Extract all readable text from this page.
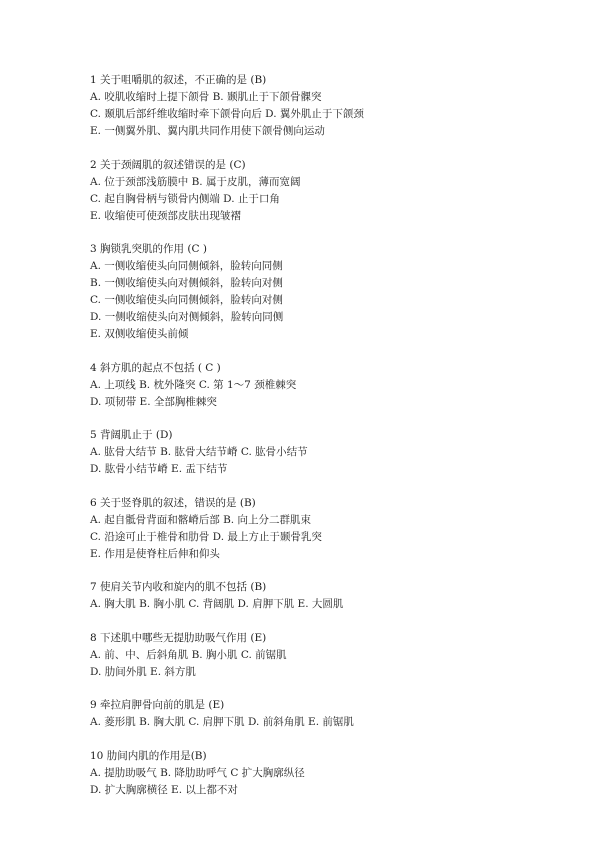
1 关于咀嚼肌的叙述，不正确的是 (B)
A. 咬肌收缩时上提下颌骨 B. 颞肌止于下颌骨髁突
C. 颞肌后部纤维收缩时牵下颌骨向后 D. 翼外肌止于下颌颈
E. 一侧翼外肌、翼内肌共同作用使下颌骨侧向运动
2 关于颈阔肌的叙述错误的是 (C)
A. 位于颈部浅筋膜中 B. 属于皮肌，薄而宽阔
C. 起自胸骨柄与锁骨内侧端 D. 止于口角
E. 收缩使可使颈部皮肤出现皱褶
3 胸锁乳突肌的作用 (C )
A. 一侧收缩使头向同侧倾斜，脸转向同侧
B. 一侧收缩使头向对侧倾斜，脸转向对侧
C. 一侧收缩使头向同侧倾斜，脸转向对侧
D. 一侧收缩使头向对侧倾斜，脸转向同侧
E. 双侧收缩使头前倾
4 斜方肌的起点不包括 ( C )
A. 上项线 B. 枕外隆突 C. 第 1～7 颈椎棘突
D. 项韧带 E. 全部胸椎棘突
5 背阔肌止于 (D)
A. 肱骨大结节 B. 肱骨大结节嵴 C. 肱骨小结节
D. 肱骨小结节嵴 E. 盂下结节
6 关于竖脊肌的叙述，错误的是 (B)
A. 起自骶骨背面和髂嵴后部 B. 向上分二群肌束
C. 沿途可止于椎骨和肋骨 D. 最上方止于颞骨乳突
E. 作用是使脊柱后伸和仰头
7 使肩关节内收和旋内的肌不包括 (B)
A. 胸大肌 B. 胸小肌 C. 背阔肌 D. 肩胛下肌 E. 大圆肌
8 下述肌中哪些无提肋助吸气作用 (E)
A. 前、中、后斜角肌 B. 胸小肌 C. 前锯肌
D. 肋间外肌 E. 斜方肌
9 牵拉肩胛骨向前的肌是 (E)
A. 菱形肌 B. 胸大肌 C. 肩胛下肌 D. 前斜角肌 E. 前锯肌
10 肋间内肌的作用是(B)
A. 提肋助吸气 B. 降肋助呼气 C 扩大胸廓纵径
D. 扩大胸廓横径 E. 以上都不对
